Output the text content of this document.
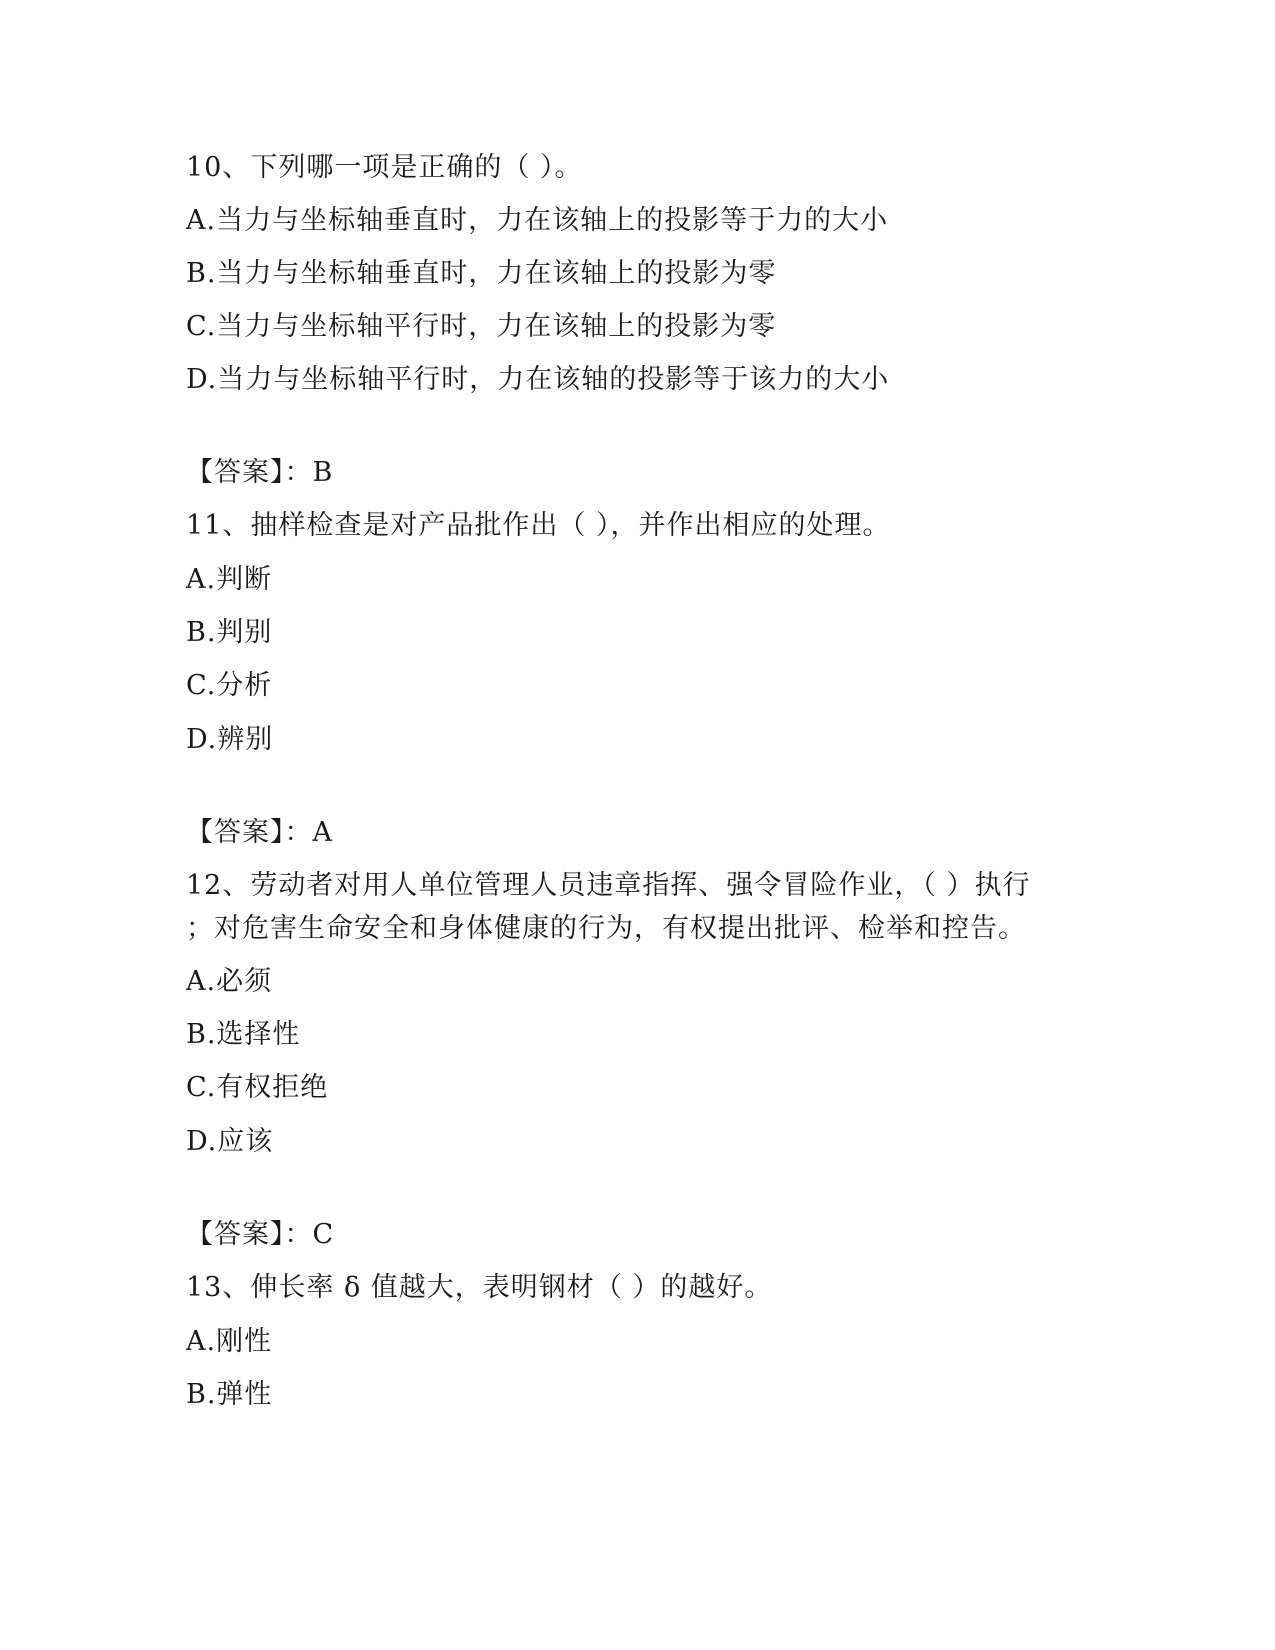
10、下列哪一项是正确的（ ）。
A.当力与坐标轴垂直时，力在该轴上的投影等于力的大小
B.当力与坐标轴垂直时，力在该轴上的投影为零
C.当力与坐标轴平行时，力在该轴上的投影为零
D.当力与坐标轴平行时，力在该轴的投影等于该力的大小
【答案】：B
11、抽样检查是对产品批作出（ ），并作出相应的处理。
A.判断
B.判别
C.分析
D.辨别
【答案】：A
12、劳动者对用人单位管理人员违章指挥、强令冒险作业，（ ）执行
；对危害生命安全和身体健康的行为，有权提出批评、检举和控告。
A.必须
B.选择性
C.有权拒绝
D.应该
【答案】：C
13、伸长率 δ 值越大，表明钢材（ ）的越好。
A.刚性
B.弹性
